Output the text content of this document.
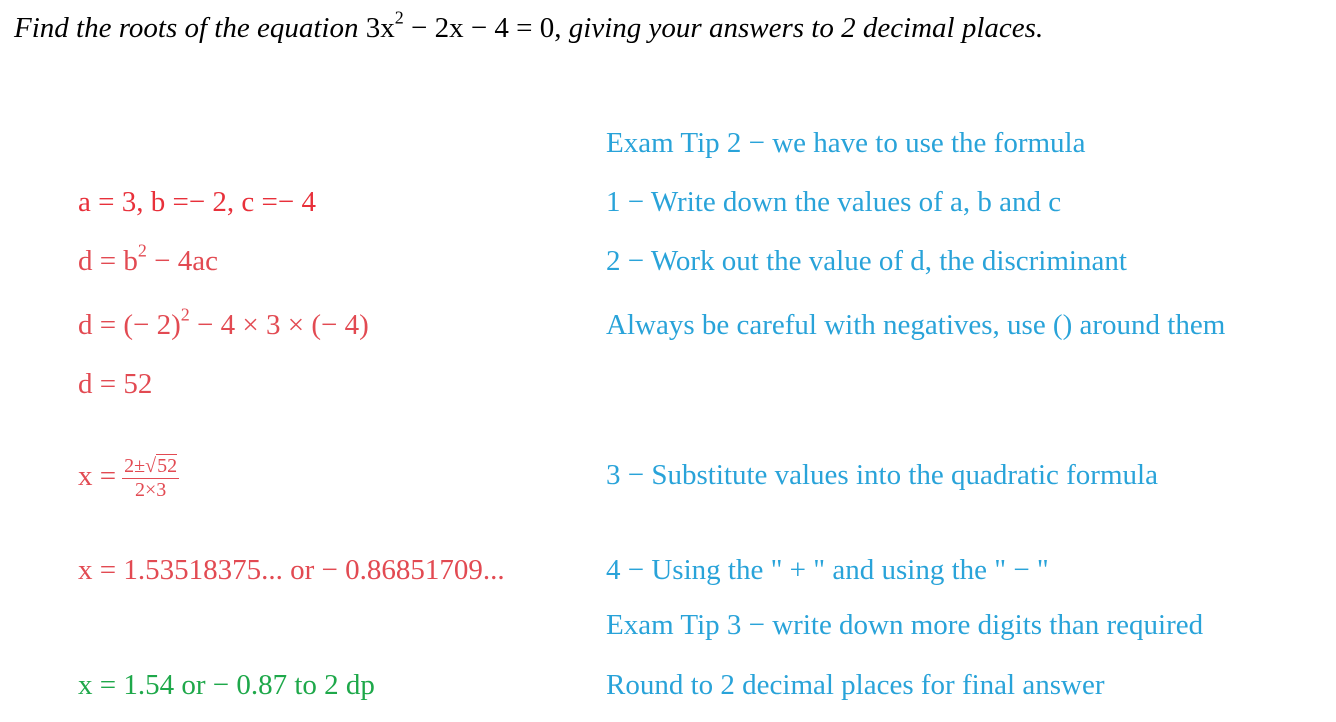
Find the roots of the equation $3x^2 - 2x - 4 = 0$, giving your answers to 2 decimal places.
Exam Tip 2 − we have to use the formula
a = 3, b =− 2, c =− 4	1 − Write down the values of a, b and c
$d = b^2 - 4ac$	2 − Work out the value of d, the discriminant
d = (− 2)$^2$ − 4 × 3 × (− 4)	Always be careful with negatives, use () around them
d = 52
$x = \frac{2\pm√52}{2\times 3}$	3 − Substitute values into the quadratic formula
x = 1.53518375... or − 0.86851709...	4 − Using the " + " and using the " − "
Exam Tip 3 − write down more digits than required
x = 1.54 or − 0.87 to 2 dp	Round to 2 decimal places for final answer
